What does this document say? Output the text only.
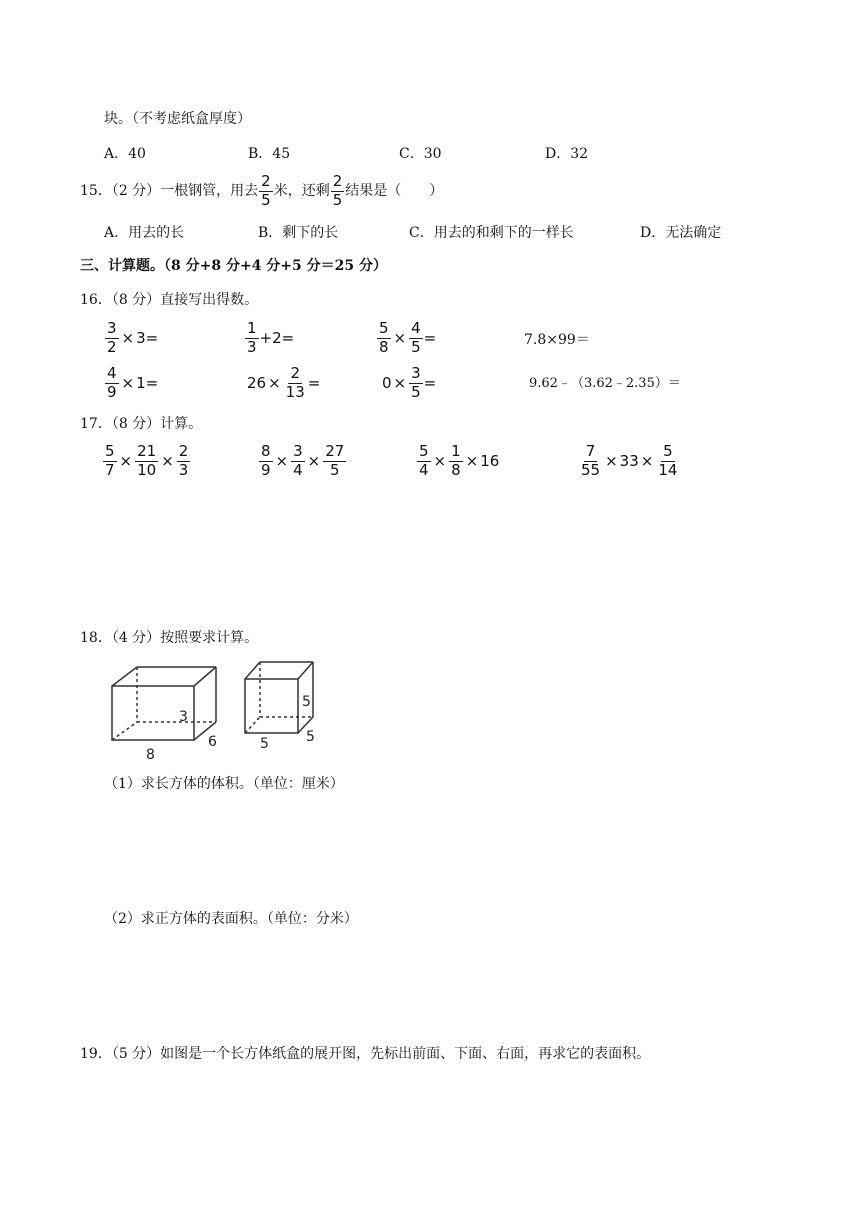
块。（不考虑纸盒厚度）
A．40	B．45	C．30	D．32
15．（2 分）一根钢管，用去 $\frac{2}{5}$ 米，还剩 $\frac{2}{5}$ 结果是（　　）
A．用去的长	B．剩下的长	C．用去的和剩下的一样长	D．无法确定
三、计算题。（8 分+8 分+4 分+5 分＝25 分）
16．（8 分）直接写出得数。
$\frac{3}{2} \times 3=$	$\frac{1}{3} + 2=$	$\frac{5}{8} \times \frac{4}{5}$ =	7.8×99＝
$\frac{4}{9} \times 1=$	$26 \times \frac{2}{13}$ =	$0 \times \frac{3}{5}$ =	9.62﹣（3.62﹣2.35）＝
17．（8 分）计算。
$\frac{5}{7} \times \frac{21}{10} \times \frac{2}{3}$	$\frac{8}{9} \times \frac{3}{4} \times \frac{27}{5}$	$\frac{5}{4} \times \frac{1}{8} \times 16$	$\frac{7}{55} \times 33 \times \frac{5}{14}$
18．（4 分）按照要求计算。
3
6
8
5
5
5
（1）求长方体的体积。（单位：厘米）
（2）求正方体的表面积。（单位：分米）
19．（5 分）如图是一个长方体纸盒的展开图，先标出前面、下面、右面，再求它的表面积。
